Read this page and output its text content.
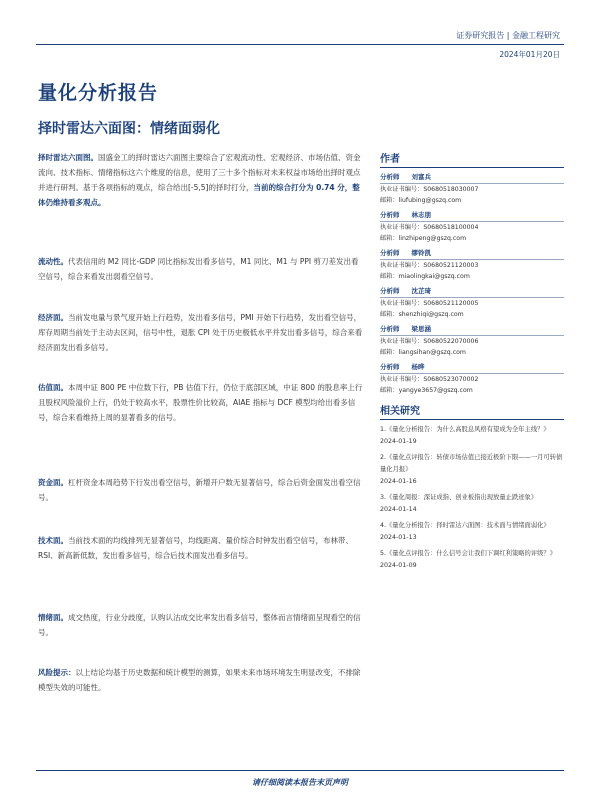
证券研究报告 | 金融工程研究
2024年01月20日
量化分析报告
择时雷达六面图：情绪面弱化
择时雷达六面图。国盛金工的择时雷达六面图主要综合了宏观流动性、宏观经济、市场估值、资金流向、技术指标、情绪指标这六个维度的信息，使用了三十多个指标对未来权益市场给出择时观点并进行研判。基于各项指标的观点，综合给出[-5,5]的择时打分，当前的综合打分为 0.74 分，整体仍维持看多观点。
流动性。代表信用的 M2 同比-GDP 同比指标发出看多信号，M1 同比、M1 与 PPI 剪刀差发出看空信号，综合来看发出弱看空信号。
经济面。当前发电量与景气度开始上行趋势，发出看多信号，PMI 开始下行趋势，发出看空信号，库存周期当前处于主动去区间，信号中性，退胀 CPI 处于历史极低水平并发出看多信号，综合来看经济面发出看多信号。
估值面。本周中证 800 PE 中位数下行，PB 估值下行，仍位于底部区域，中证 800 的股息率上行且股权风险溢价上行，仍处于较高水平，股票性价比较高，AIAE 指标与 DCF 模型均给出看多信号，综合来看维持上周的显著看多的信号。
资金面。杠杆资金本周趋势下行发出看空信号，新增开户数无显著信号，综合后资金面发出看空信号。
技术面。当前技术面的均线排列无显著信号，均线距离、量价综合时钟发出看空信号，布林带、RSI、新高新低数，发出看多信号，综合后技术面发出看多信号。
情绪面。成交热度，行业分歧度，认购认沽成交比率发出看多信号，整体而言情绪面呈现看空的信号。
风险提示：以上结论均基于历史数据和统计模型的测算，如果未来市场环境发生明显改变，不排除模型失效的可能性。
作者
分析师 刘富兵
执业证书编号：S0680518030007
邮箱：liufubing@gszq.com
分析师 林志朋
执业证书编号：S0680518100004
邮箱：linzhipeng@gszq.com
分析师 缪铃凯
执业证书编号：S0680521120003
邮箱：miaolingkai@gszq.com
分析师 沈芷琦
执业证书编号：S0680521120005
邮箱：shenzhiqi@gszq.com
分析师 梁思涵
执业证书编号：S0680522070006
邮箱：liangsihan@gszq.com
分析师 杨晔
执业证书编号：S0680523070002
邮箱：yangye3657@gszq.com
相关研究
1.《量化分析报告：为什么高股息风格有望成为全年主线？》
2024-01-19
2.《量化点评报告：转债市场估值已接近极阶下限——一月可转债量化月报》
2024-01-16
3.《量化周报：深证成指、创业板指出现放量止跌迹象》
2024-01-14
4.《量化分析报告：择时雷达六面图：技术面与情绪面弱化》
2024-01-13
5.《量化点评报告：什么信号会让我们下调红利策略的评级？》
2024-01-09
请仔细阅读本报告末页声明
